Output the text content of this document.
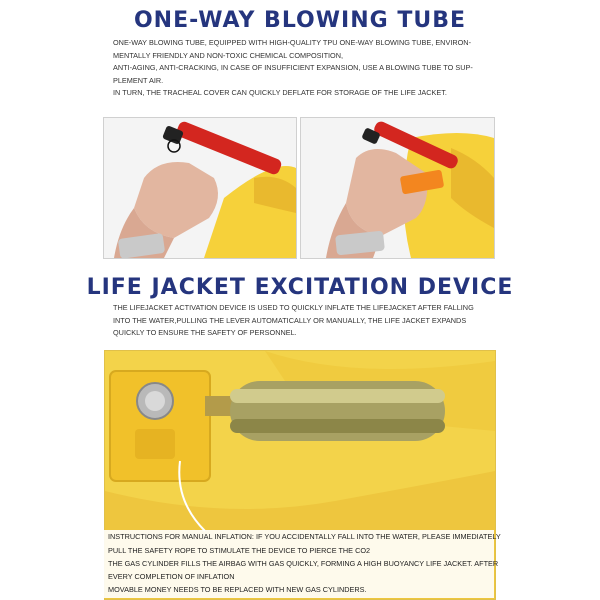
ONE-WAY BLOWING TUBE
ONE-WAY BLOWING TUBE, EQUIPPED WITH HIGH-QUALITY TPU ONE-WAY BLOWING TUBE, ENVIRON-
MENTALLY FRIENDLY AND NON-TOXIC CHEMICAL COMPOSITION,
ANTI-AGING, ANTI-CRACKING, IN CASE OF INSUFFICIENT EXPANSION, USE A BLOWING TUBE TO SUP-
PLEMENT AIR.
IN TURN, THE TRACHEAL COVER CAN QUICKLY DEFLATE FOR STORAGE OF THE LIFE JACKET.
LIFE JACKET EXCITATION DEVICE
THE LIFEJACKET ACTIVATION DEVICE IS USED TO QUICKLY INFLATE THE LIFEJACKET AFTER FALLING
INTO THE WATER,PULLING THE LEVER AUTOMATICALLY OR MANUALLY, THE LIFE JACKET EXPANDS
QUICKLY TO ENSURE THE SAFETY OF PERSONNEL.
INSTRUCTIONS FOR MANUAL INFLATION: IF YOU ACCIDENTALLY FALL INTO THE WATER, PLEASE IMMEDIATELY
PULL THE SAFETY ROPE TO STIMULATE THE DEVICE TO PIERCE THE CO2
THE GAS CYLINDER FILLS THE AIRBAG WITH GAS QUICKLY, FORMING A HIGH BUOYANCY LIFE JACKET. AFTER
EVERY COMPLETION OF INFLATION
MOVABLE MONEY NEEDS TO BE REPLACED WITH NEW GAS CYLINDERS.
